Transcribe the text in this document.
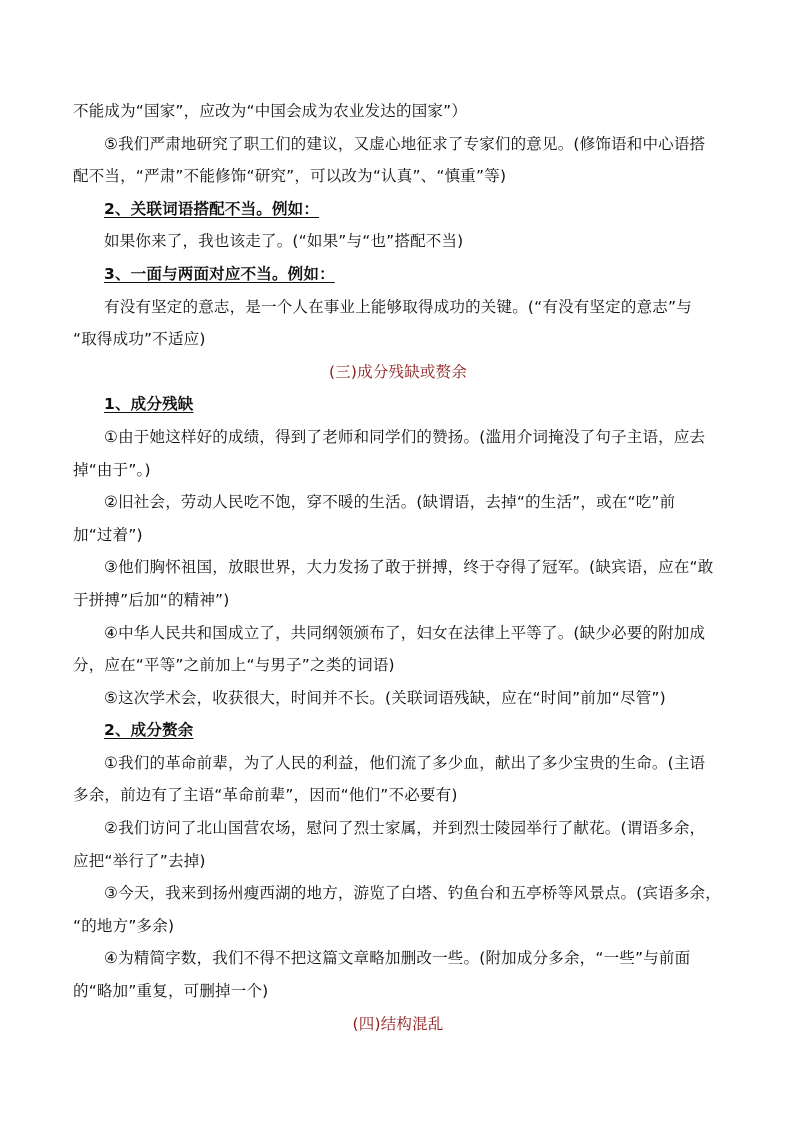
不能成为“国家”，应改为“中国会成为农业发达的国家”）
⑤我们严肃地研究了职工们的建议，又虚心地征求了专家们的意见。(修饰语和中心语搭
配不当，“严肃”不能修饰“研究”，可以改为“认真”、“慎重”等)
2、关联词语搭配不当。例如：
如果你来了，我也该走了。(“如果”与“也”搭配不当)
3、一面与两面对应不当。例如：
有没有坚定的意志，是一个人在事业上能够取得成功的关键。(“有没有坚定的意志”与
“取得成功”不适应)
(三)成分残缺或赘余
1、成分残缺
①由于她这样好的成绩，得到了老师和同学们的赞扬。(滥用介词掩没了句子主语，应去
掉“由于”。)
②旧社会，劳动人民吃不饱，穿不暖的生活。(缺谓语，去掉“的生活”，或在“吃”前
加“过着”)
③他们胸怀祖国，放眼世界，大力发扬了敢于拼搏，终于夺得了冠军。(缺宾语，应在“敢
于拼搏”后加“的精神”)
④中华人民共和国成立了，共同纲领颁布了，妇女在法律上平等了。(缺少必要的附加成
分，应在“平等”之前加上“与男子”之类的词语)
⑤这次学术会，收获很大，时间并不长。(关联词语残缺，应在“时间”前加“尽管”)
2、成分赘余
①我们的革命前辈，为了人民的利益，他们流了多少血，献出了多少宝贵的生命。(主语
多余，前边有了主语“革命前辈”，因而“他们”不必要有)
②我们访问了北山国营农场，慰问了烈士家属，并到烈士陵园举行了献花。(谓语多余，
应把“举行了”去掉)
③今天，我来到扬州瘦西湖的地方，游览了白塔、钓鱼台和五亭桥等风景点。(宾语多余，
“的地方”多余)
④为精简字数，我们不得不把这篇文章略加删改一些。(附加成分多余，“一些”与前面
的“略加”重复，可删掉一个)
(四)结构混乱
